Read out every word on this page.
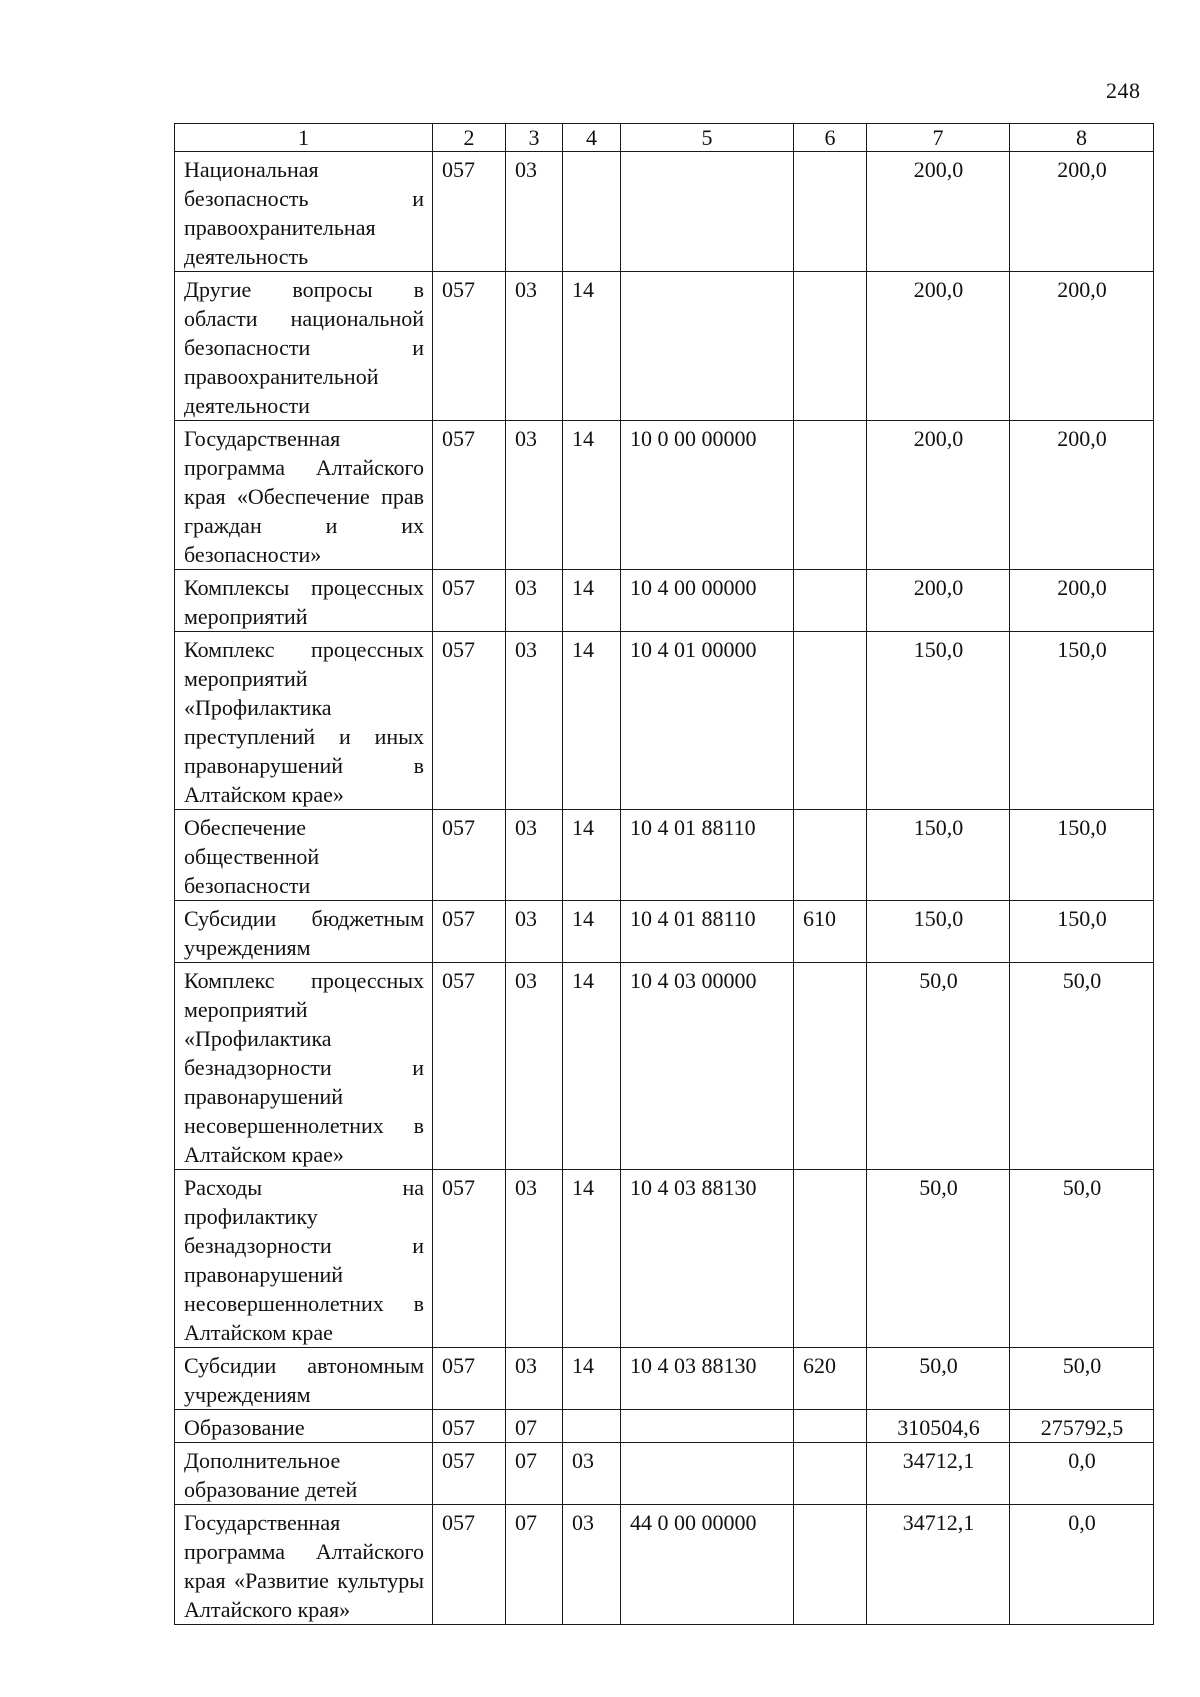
248
1	2	3	4	5	6	7	8
Национальная безопасность и правоохранительная деятельность	057	03				200,0	200,0
Другие вопросы в области национальной безопасности и правоохранительной деятельности	057	03	14			200,0	200,0
Государственная программа Алтайского края «Обеспечение прав граждан и их безопасности»	057	03	14	10 0 00 00000		200,0	200,0
Комплексы процессных мероприятий	057	03	14	10 4 00 00000		200,0	200,0
Комплекс процессных мероприятий «Профилактика преступлений и иных правонарушений в Алтайском крае»	057	03	14	10 4 01 00000		150,0	150,0
Обеспечение общественной безопасности	057	03	14	10 4 01 88110		150,0	150,0
Субсидии бюджетным учреждениям	057	03	14	10 4 01 88110	610	150,0	150,0
Комплекс процессных мероприятий «Профилактика безнадзорности и правонарушений несовершеннолетних в Алтайском крае»	057	03	14	10 4 03 00000		50,0	50,0
Расходы на профилактику безнадзорности и правонарушений несовершеннолетних в Алтайском крае	057	03	14	10 4 03 88130		50,0	50,0
Субсидии автономным учреждениям	057	03	14	10 4 03 88130	620	50,0	50,0
Образование	057	07				310504,6	275792,5
Дополнительное образование детей	057	07	03			34712,1	0,0
Государственная программа Алтайского края «Развитие культуры Алтайского края»	057	07	03	44 0 00 00000		34712,1	0,0
